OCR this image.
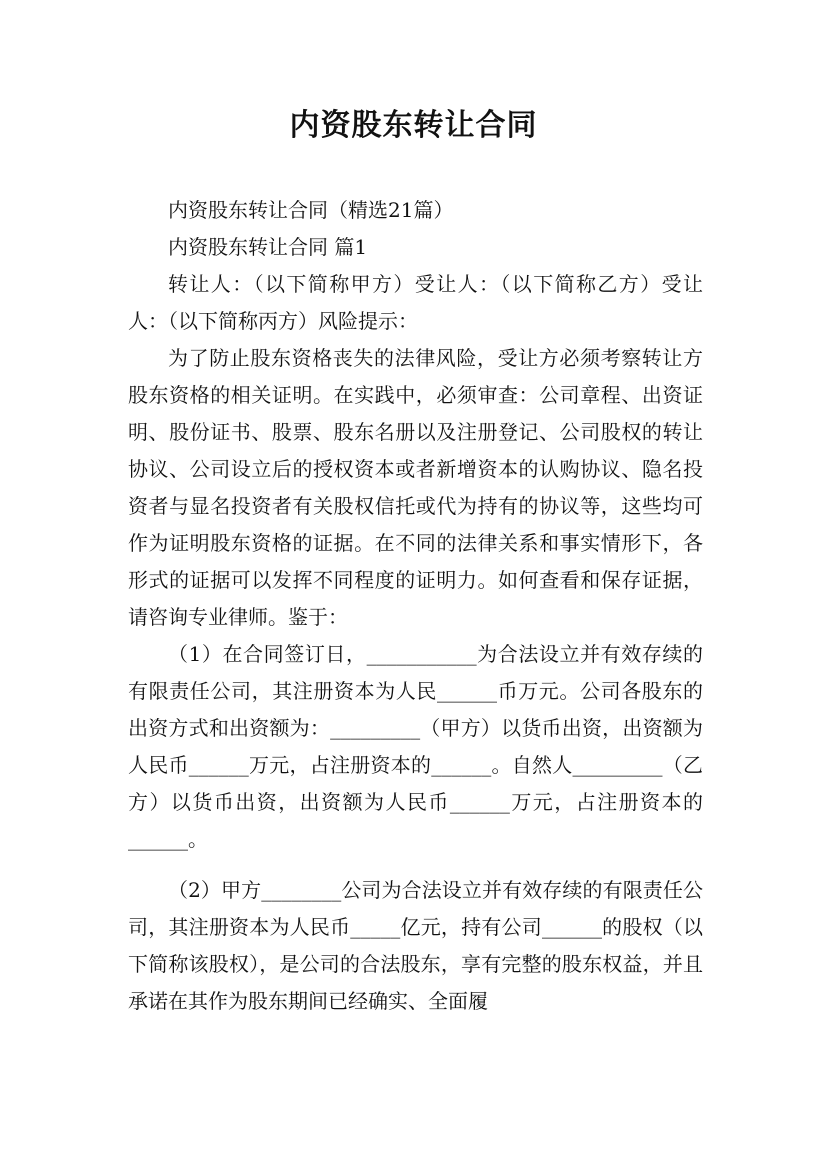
内资股东转让合同

内资股东转让合同（精选21篇）

内资股东转让合同 篇1

转让人：（以下简称甲方）受让人：（以下简称乙方）受让人：（以下简称丙方）风险提示：

为了防止股东资格丧失的法律风险，受让方必须考察转让方股东资格的相关证明。在实践中，必须审查：公司章程、出资证明、股份证书、股票、股东名册以及注册登记、公司股权的转让协议、公司设立后的授权资本或者新增资本的认购协议、隐名投资者与显名投资者有关股权信托或代为持有的协议等，这些均可作为证明股东资格的证据。在不同的法律关系和事实情形下，各形式的证据可以发挥不同程度的证明力。如何查看和保存证据，请咨询专业律师。鉴于：

（1）在合同签订日，___________为合法设立并有效存续的有限责任公司，其注册资本为人民______币万元。公司各股东的出资方式和出资额为：_________（甲方）以货币出资，出资额为人民币______万元，占注册资本的______。自然人_________（乙方）以货币出资，出资额为人民币______万元，占注册资本的______。

（2）甲方________公司为合法设立并有效存续的有限责任公司，其注册资本为人民币_____亿元，持有公司______的股权（以下简称该股权），是公司的合法股东，享有完整的股东权益，并且承诺在其作为股东期间已经确实、全面履
